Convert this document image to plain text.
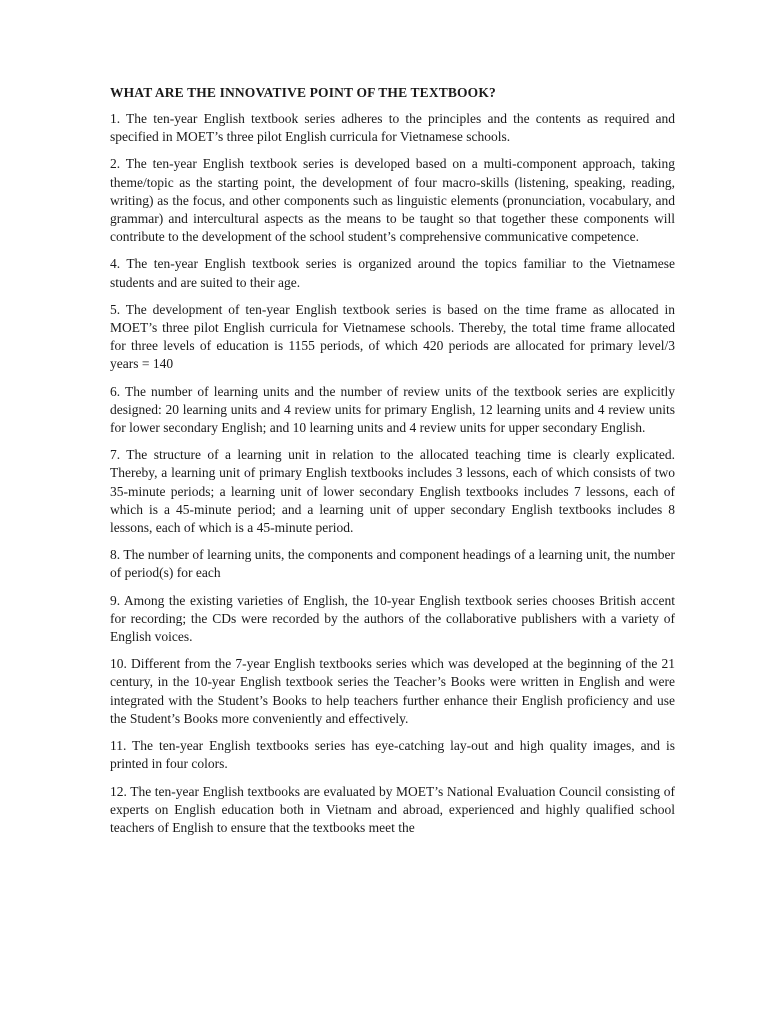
WHAT ARE THE INNOVATIVE POINT OF THE TEXTBOOK?

1. The ten-year English textbook series adheres to the principles and the contents as required and specified in MOET’s three pilot English curricula for Vietnamese schools.

2. The ten-year English textbook series is developed based on a multi-component approach, taking theme/topic as the starting point, the development of four macro-skills (listening, speaking, reading, writing) as the focus, and other components such as linguistic elements (pronunciation, vocabulary, and grammar) and intercultural aspects as the means to be taught so that together these components will contribute to the development of the school student’s comprehensive communicative competence.

4. The ten-year English textbook series is organized around the topics familiar to the Vietnamese students and are suited to their age.

5. The development of ten-year English textbook series is based on the time frame as allocated in MOET’s three pilot English curricula for Vietnamese schools. Thereby, the total time frame allocated for three levels of education is 1155 periods, of which 420 periods are allocated for primary level/3 years = 140

6. The number of learning units and the number of review units of the textbook series are explicitly designed: 20 learning units and 4 review units for primary English, 12 learning units and 4 review units for lower secondary English; and 10 learning units and 4 review units for upper secondary English.

7. The structure of a learning unit in relation to the allocated teaching time is clearly explicated. Thereby, a learning unit of primary English textbooks includes 3 lessons, each of which consists of two 35-minute periods; a learning unit of lower secondary English textbooks includes 7 lessons, each of which is a 45-minute period; and a learning unit of upper secondary English textbooks includes 8 lessons, each of which is a 45-minute period.

8. The number of learning units, the components and component headings of a learning unit, the number of period(s) for each

9. Among the existing varieties of English, the 10-year English textbook series chooses British accent for recording; the CDs were recorded by the authors of the collaborative publishers with a variety of English voices.

10. Different from the 7-year English textbooks series which was developed at the beginning of the 21 century, in the 10-year English textbook series the Teacher’s Books were written in English and were integrated with the Student’s Books to help teachers further enhance their English proficiency and use the Student’s Books more conveniently and effectively.

11. The ten-year English textbooks series has eye-catching lay-out and high quality images, and is printed in four colors.

12. The ten-year English textbooks are evaluated by MOET’s National Evaluation Council consisting of experts on English education both in Vietnam and abroad, experienced and highly qualified school teachers of English to ensure that the textbooks meet the
